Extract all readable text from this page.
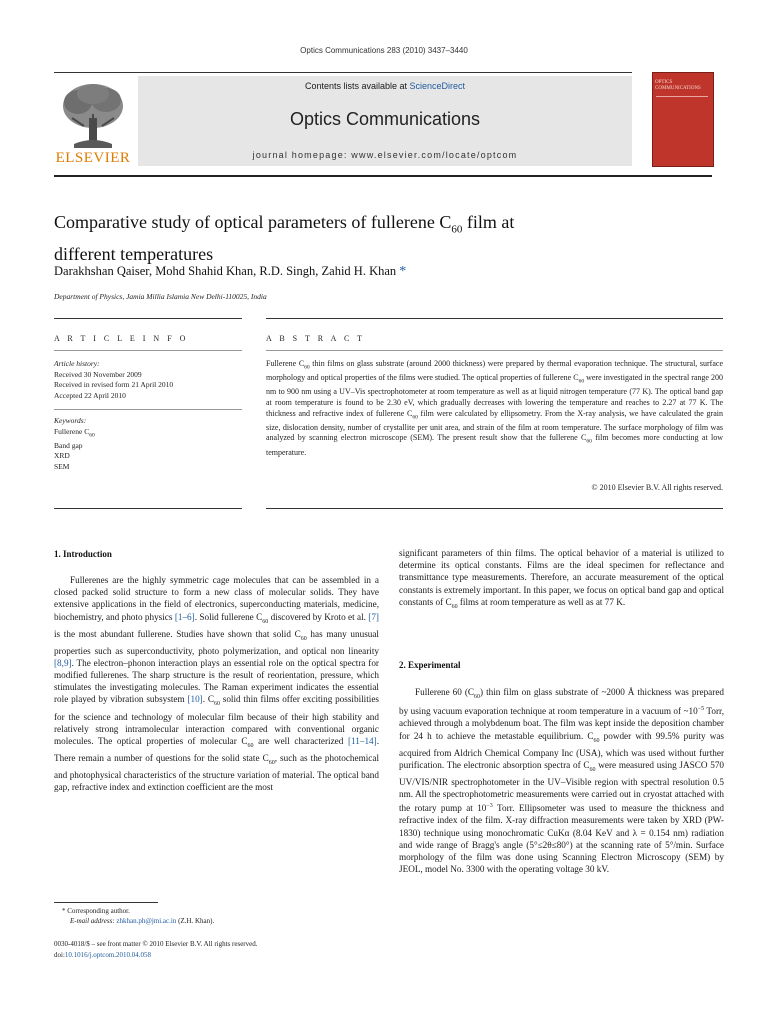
Optics Communications 283 (2010) 3437–3440
Contents lists available at ScienceDirect
Optics Communications
journal homepage: www.elsevier.com/locate/optcom
ELSEVIER
OPTICS
COMMUNICATIONS
Comparative study of optical parameters of fullerene $C_{60}$ film at
different temperatures
Darakhshan Qaiser, Mohd Shahid Khan, R.D. Singh, Zahid H. Khan *
Department of Physics, Jamia Millia Islamia New Delhi-110025, India
A R T I C L E I N F O
Article history:
Received 30 November 2009
Received in revised form 21 April 2010
Accepted 22 April 2010
Keywords:
Fullerene $C_{60}$
Band gap
XRD
SEM
A B S T R A C T
Fullerene $C_{60}$ thin films on glass substrate (around 2000 thickness) were prepared by thermal evaporation technique. The structural, surface morphology and optical properties of the films were studied. The optical properties of fullerene $C_{60}$ were investigated in the spectral range 200 nm to 900 nm using a UV–Vis spectrophotometer at room temperature as well as at liquid nitrogen temperature (77 K). The optical band gap at room temperature is found to be 2.30 eV, which gradually decreases with lowering the temperature and reaches to 2.27 at 77 K. The thickness and refractive index of fullerene $C_{60}$ film were calculated by ellipsometry. From the X-ray analysis, we have calculated the grain size, dislocation density, number of crystallite per unit area, and strain of the film at room temperature. The surface morphology of film was analyzed by scanning electron microscope (SEM). The present result show that the fullerene $C_{60}$ film becomes more conducting at low temperature.
© 2010 Elsevier B.V. All rights reserved.
1. Introduction

Fullerenes are the highly symmetric cage molecules that can be assembled in a closed packed solid structure to form a new class of molecular solids. They have extensive applications in the field of electronics, superconducting materials, medicine, biochemistry, and photo physics [1–6]. Solid fullerene $C_{60}$ discovered by Kroto et al. [7] is the most abundant fullerene. Studies have shown that solid $C_{60}$ has many unusual properties such as superconductivity, photo polymerization, and optical non linearity [8,9]. The electron–phonon interaction plays an essential role on the optical spectra for modified fullerenes. The sharp structure is the result of reorientation, pressure, which stimulates the investigating molecules. The Raman experiment indicates the essential role played by vibration subsystem [10]. $C_{60}$ solid thin films offer exciting possibilities for the science and technology of molecular film because of their high stability and relatively strong intramolecular interaction compared with conventional organic molecules. The optical properties of molecular $C_{60}$ are well characterized [11–14]. There remain a number of questions for the solid state $C_{60}$, such as the photochemical and photophysical characteristics of the structure variation of material. The optical band gap, refractive index and extinction coefficient are the most

significant parameters of thin films. The optical behavior of a material is utilized to determine its optical constants. Films are the ideal specimen for reflectance and transmittance type measurements. Therefore, an accurate measurement of the optical constants is extremely important. In this paper, we focus on optical band gap and optical constants of $C_{60}$ films at room temperature as well as at 77 K.
2. Experimental

Fullerene 60 $(C_{60})$ thin film on glass substrate of ~2000 Å thickness was prepared by using vacuum evaporation technique at room temperature in a vacuum of $\sim 10^{-5}$ Torr, achieved through a molybdenum boat. The film was kept inside the deposition chamber for 24 h to achieve the metastable equilibrium. $C_{60}$ powder with 99.5% purity was acquired from Aldrich Chemical Company Inc (USA), which was used without further purification. The electronic absorption spectra of $C_{60}$ were measured using JASCO 570 UV/VIS/NIR spectrophotometer in the UV–Visible region with spectral resolution 0.5 nm. All the spectrophotometric measurements were carried out in cryostat attached with the rotary pump at $10^{-3}$ Torr. Ellipsometer was used to measure the thickness and refractive index of the film. X-ray diffraction measurements were taken by XRD (PW-1830) technique using monochromatic CuKα (8.04 KeV and λ = 0.154 nm) radiation and wide range of Bragg's angle (5°≤2θ≤80°) at the scanning rate of 5°/min. Surface morphology of the film was done using Scanning Electron Microscopy (SEM) by JEOL, model No. 3300 with the operating voltage 30 kV.

* Corresponding author.
E-mail address: zhkhan.ph@jmi.ac.in (Z.H. Khan).
0030-4018/$ – see front matter © 2010 Elsevier B.V. All rights reserved.
doi:10.1016/j.optcom.2010.04.058
